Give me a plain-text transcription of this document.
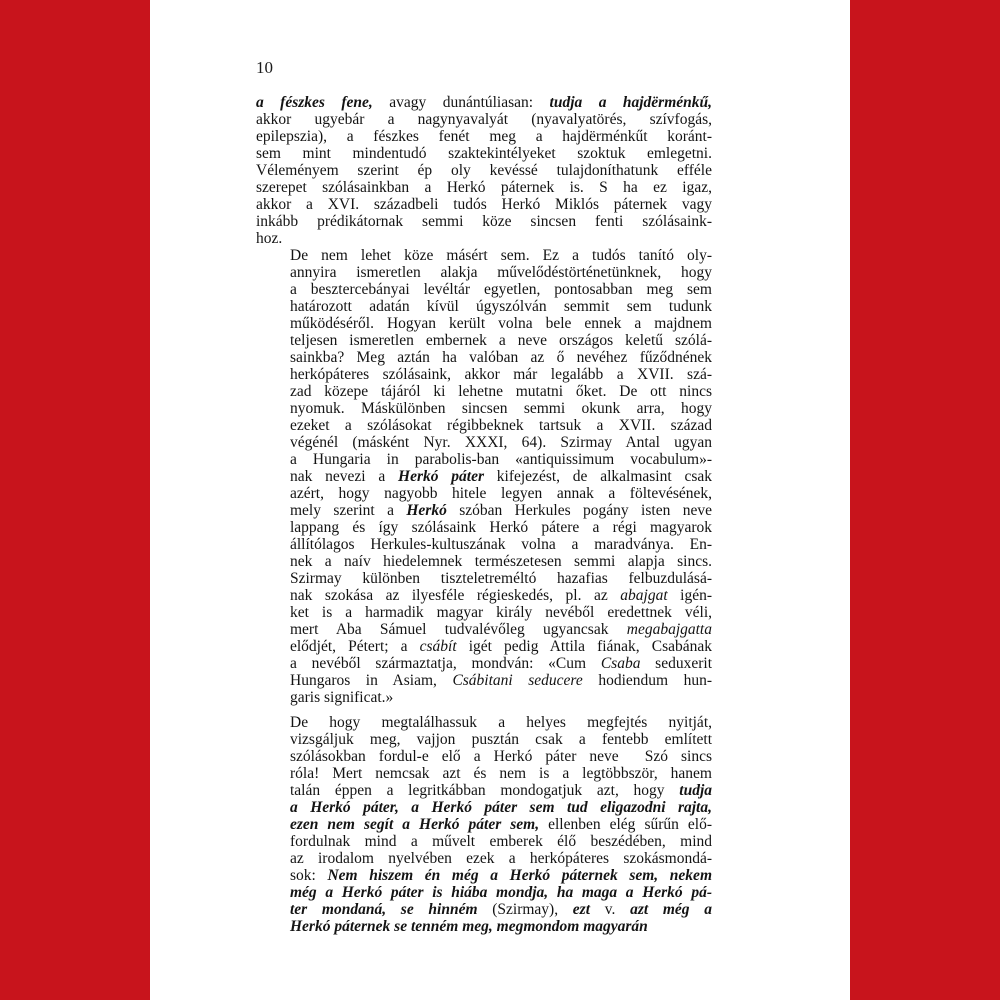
10

a fészkes fene, avagy dunántúliasan: tudja a hajdërménkű,
akkor ugyebár a nagynyavalyát (nyavalyatörés, szívfogás,
epilepszia), a fészkes fenét meg a hajdërménkűt koránt-
sem mint mindentudó szaktekintélyeket szoktuk emlegetni.
Véleményem szerint ép oly kevéssé tulajdoníthatunk efféle
szerepet szólásainkban a Herkó páternek is. S ha ez igaz,
akkor a XVI. századbeli tudós Herkó Miklós páternek vagy
inkább prédikátornak semmi köze sincsen fenti szólásaink-
hoz.

De nem lehet köze másért sem. Ez a tudós tanító oly-
annyira ismeretlen alakja művelődéstörténetünknek, hogy
a besztercebányai levéltár egyetlen, pontosabban meg sem
határozott adatán kívül úgyszólván semmit sem tudunk
működéséről. Hogyan került volna bele ennek a majdnem
teljesen ismeretlen embernek a neve országos keletű szólá-
sainkba? Meg aztán ha valóban az ő nevéhez fűződnének
herkópáteres szólásaink, akkor már legalább a XVII. szá-
zad közepe tájáról ki lehetne mutatni őket. De ott nincs
nyomuk. Máskülönben sincsen semmi okunk arra, hogy
ezeket a szólásokat régibbeknek tartsuk a XVII. század
végénél (másként Nyr. XXXI, 64). Szirmay Antal ugyan
a Hungaria in parabolis-ban «antiquissimum vocabulum»-
nak nevezi a Herkó páter kifejezést, de alkalmasint csak
azért, hogy nagyobb hitele legyen annak a föltevésének,
mely szerint a Herkó szóban Herkules pogány isten neve
lappang és így szólásaink Herkó pátere a régi magyarok
állítólagos Herkules-kultuszának volna a maradványa. En-
nek a naív hiedelemnek természetesen semmi alapja sincs.
Szirmay különben tiszteletreméltó hazafias felbuzdulásá-
nak szokása az ilyesféle régieskedés, pl. az abajgat igén-
ket is a harmadik magyar király nevéből eredettnek véli,
mert Aba Sámuel tudvalévőleg ugyancsak megabajgatta
elődjét, Pétert; a csábít igét pedig Attila fiának, Csabának
a nevéből származtatja, mondván: «Cum Csaba seduxerit
Hungaros in Asiam, Csábitani seducere hodiendum hun-
garis significat.»

De hogy megtalálhassuk a helyes megfejtés nyitját,
vizsgáljuk meg, vajjon pusztán csak a fentebb említett
szólásokban fordul-e elő a Herkó páter neve  Szó sincs
róla! Mert nemcsak azt és nem is a legtöbbször, hanem
talán éppen a legritkábban mondogatjuk azt, hogy tudja
a Herkó páter, a Herkó páter sem tud eligazodni rajta,
ezen nem segít a Herkó páter sem, ellenben elég sűrűn elő-
fordulnak mind a művelt emberek élő beszédében, mind
az irodalom nyelvében ezek a herkópáteres szokásmondá-
sok: Nem hiszem én még a Herkó páternek sem, nekem
még a Herkó páter is hiába mondja, ha maga a Herkó pá-
ter mondaná, se hinném (Szirmay), ezt v. azt még a
Herkó páternek se tenném meg, megmondom magyarán
